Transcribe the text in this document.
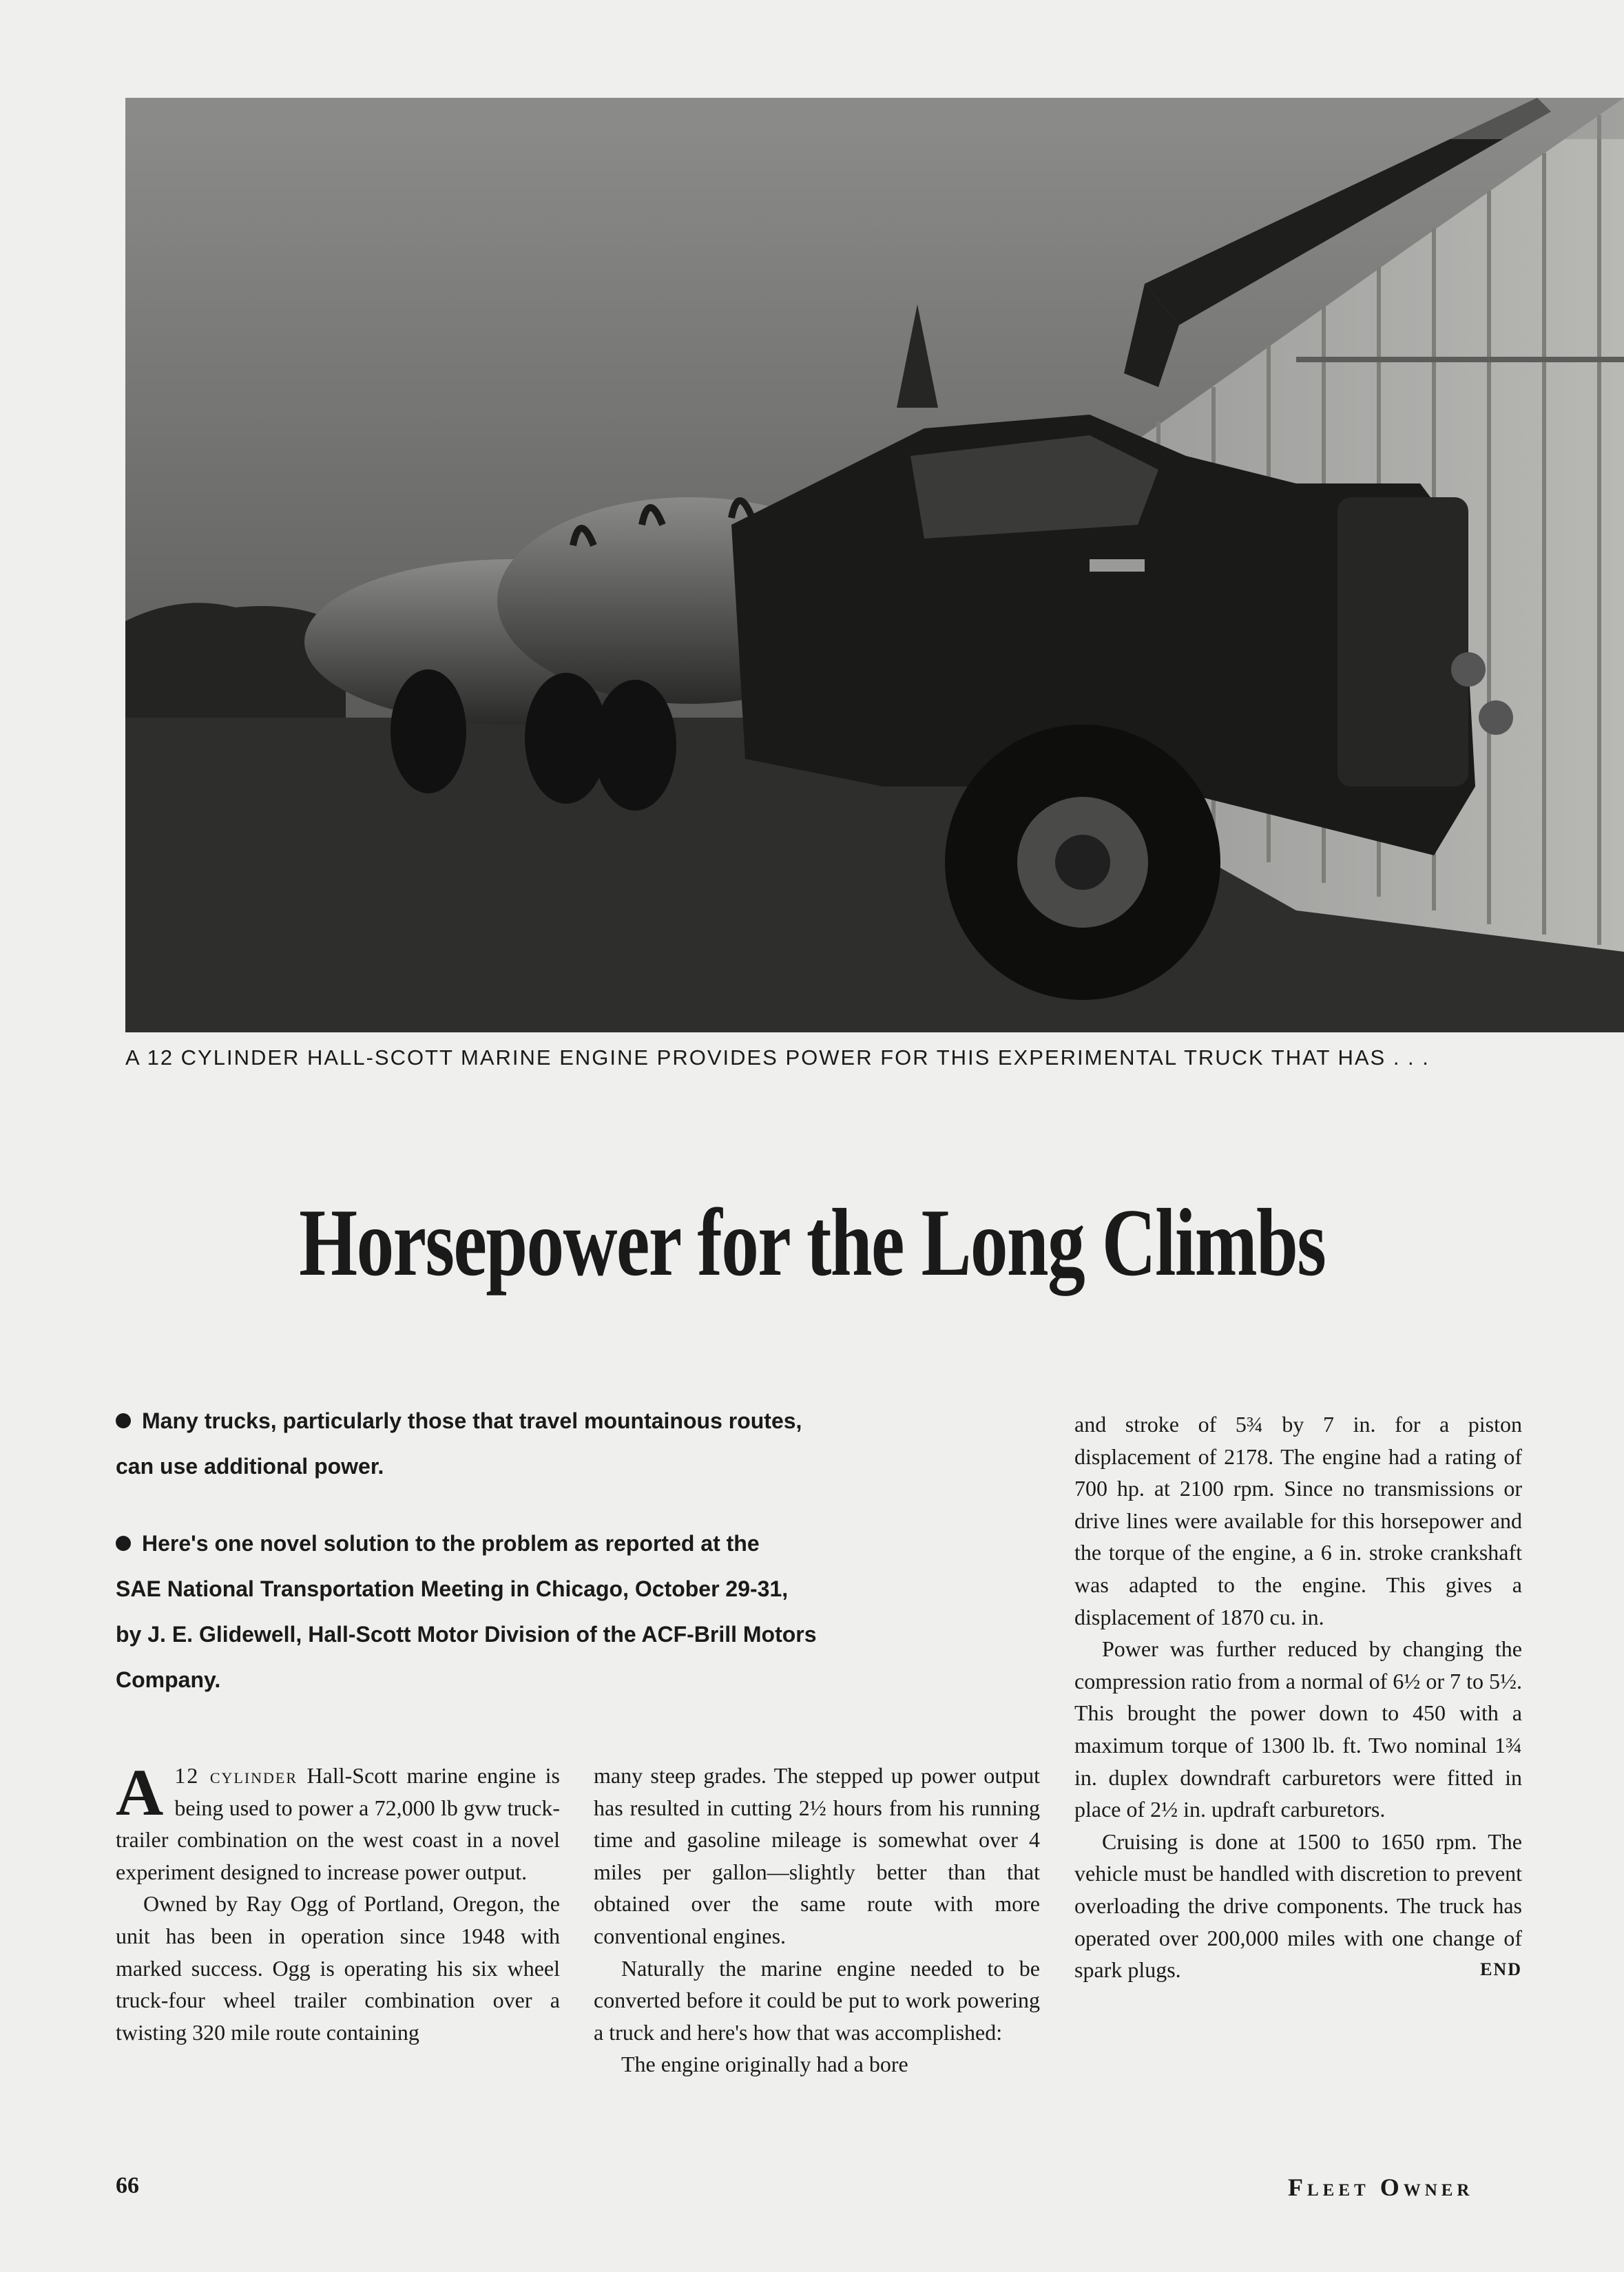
A 12 CYLINDER HALL-SCOTT MARINE ENGINE PROVIDES POWER FOR THIS EXPERIMENTAL TRUCK THAT HAS . . .
Horsepower for the Long Climbs
Many trucks, particularly those that travel mountainous routes,
can use additional power.
Here's one novel solution to the problem as reported at the
SAE National Transportation Meeting in Chicago, October 29-31,
by J. E. Glidewell, Hall-Scott Motor Division of the ACF-Brill Motors
Company.

A 12 cylinder Hall-Scott marine engine is being used to power a 72,000 lb gvw truck-trailer combination on the west coast in a novel experiment designed to increase power output.

Owned by Ray Ogg of Portland, Oregon, the unit has been in operation since 1948 with marked success. Ogg is operating his six wheel truck-four wheel trailer combination over a twisting 320 mile route containing

many steep grades. The stepped up power output has resulted in cutting 2½ hours from his running time and gasoline mileage is somewhat over 4 miles per gallon—slightly better than that obtained over the same route with more conventional engines.

Naturally the marine engine needed to be converted before it could be put to work powering a truck and here's how that was accomplished:

The engine originally had a bore

and stroke of 5¾ by 7 in. for a piston displacement of 2178. The engine had a rating of 700 hp. at 2100 rpm. Since no transmissions or drive lines were available for this horsepower and the torque of the engine, a 6 in. stroke crankshaft was adapted to the engine. This gives a displacement of 1870 cu. in.

Power was further reduced by changing the compression ratio from a normal of 6½ or 7 to 5½. This brought the power down to 450 with a maximum torque of 1300 lb. ft. Two nominal 1¾ in. duplex downdraft carburetors were fitted in place of 2½ in. updraft carburetors.

Cruising is done at 1500 to 1650 rpm. The vehicle must be handled with discretion to prevent overloading the drive components. The truck has operated over 200,000 miles with one change of spark plugs.	END

66	Fleet Owner
